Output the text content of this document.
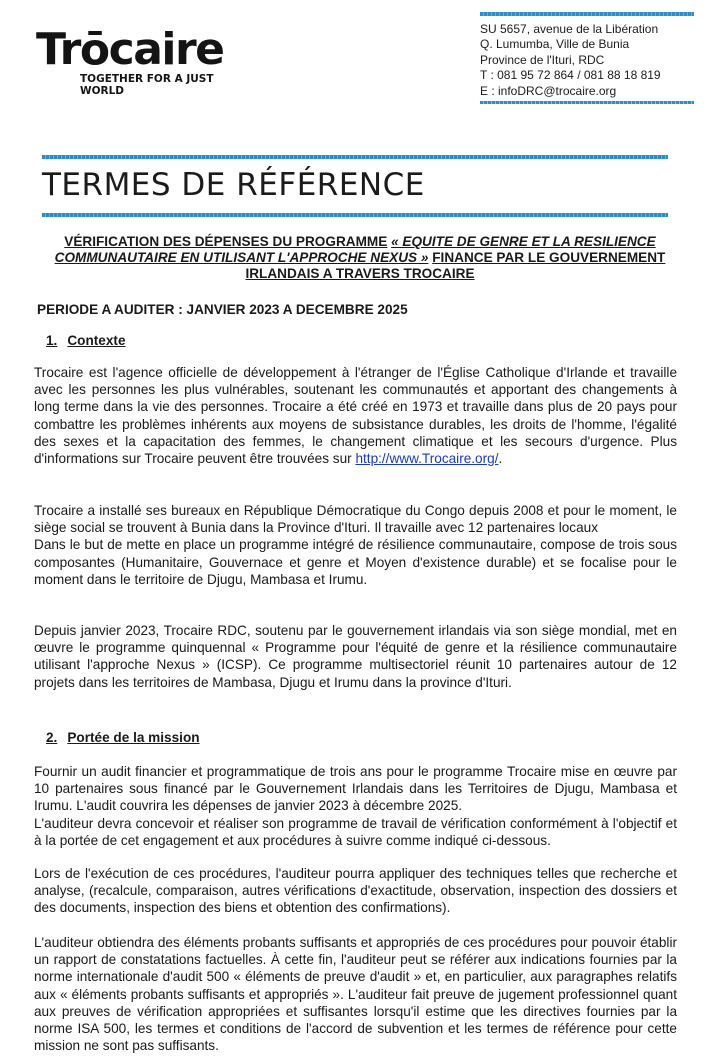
Trōcaire
TOGETHER FOR A JUST WORLD
SU 5657, avenue de la Libération
Q. Lumumba, Ville de Bunia
Province de l'Ituri, RDC
T : 081 95 72 864 / 081 88 18 819
E : infoDRC@trocaire.org
TERMES DE RÉFÉRENCE
VÉRIFICATION DES DÉPENSES DU PROGRAMME « EQUITE DE GENRE ET LA RESILIENCE COMMUNAUTAIRE EN UTILISANT L'APPROCHE NEXUS » FINANCE PAR LE GOUVERNEMENT IRLANDAIS A TRAVERS TROCAIRE
PERIODE A AUDITER : JANVIER 2023 A DECEMBRE 2025
1. Contexte
Trocaire est l'agence officielle de développement à l'étranger de l'Église Catholique d'Irlande et travaille avec les personnes les plus vulnérables, soutenant les communautés et apportant des changements à long terme dans la vie des personnes. Trocaire a été créé en 1973 et travaille dans plus de 20 pays pour combattre les problèmes inhérents aux moyens de subsistance durables, les droits de l'homme, l'égalité des sexes et la capacitation des femmes, le changement climatique et les secours d'urgence. Plus d'informations sur Trocaire peuvent être trouvées sur http://www.Trocaire.org/.
Trocaire a installé ses bureaux en République Démocratique du Congo depuis 2008 et pour le moment, le siège social se trouvent à Bunia dans la Province d'Ituri. Il travaille avec 12 partenaires locaux
Dans le but de mette en place un programme intégré de résilience communautaire, compose de trois sous composantes (Humanitaire, Gouvernace et genre et Moyen d'existence durable) et se focalise pour le moment dans le territoire de Djugu, Mambasa et Irumu.
Depuis janvier 2023, Trocaire RDC, soutenu par le gouvernement irlandais via son siège mondial, met en œuvre le programme quinquennal « Programme pour l'équité de genre et la résilience communautaire utilisant l'approche Nexus » (ICSP). Ce programme multisectoriel réunit 10 partenaires autour de 12 projets dans les territoires de Mambasa, Djugu et Irumu dans la province d'Ituri.
2. Portée de la mission
Fournir un audit financier et programmatique de trois ans pour le programme Trocaire mise en œuvre par 10 partenaires sous financé par le Gouvernement Irlandais dans les Territoires de Djugu, Mambasa et Irumu. L'audit couvrira les dépenses de janvier 2023 à décembre 2025.
L'auditeur devra concevoir et réaliser son programme de travail de vérification conformément à l'objectif et à la portée de cet engagement et aux procédures à suivre comme indiqué ci-dessous.
Lors de l'exécution de ces procédures, l'auditeur pourra appliquer des techniques telles que recherche et analyse, (recalcule, comparaison, autres vérifications d'exactitude, observation, inspection des dossiers et des documents, inspection des biens et obtention des confirmations).
L'auditeur obtiendra des éléments probants suffisants et appropriés de ces procédures pour pouvoir établir un rapport de constatations factuelles. À cette fin, l'auditeur peut se référer aux indications fournies par la norme internationale d'audit 500 « éléments de preuve d'audit » et, en particulier, aux paragraphes relatifs aux « éléments probants suffisants et appropriés ». L'auditeur fait preuve de jugement professionnel quant aux preuves de vérification appropriées et suffisantes lorsqu'il estime que les directives fournies par la norme ISA 500, les termes et conditions de l'accord de subvention et les termes de référence pour cette mission ne sont pas suffisants.
